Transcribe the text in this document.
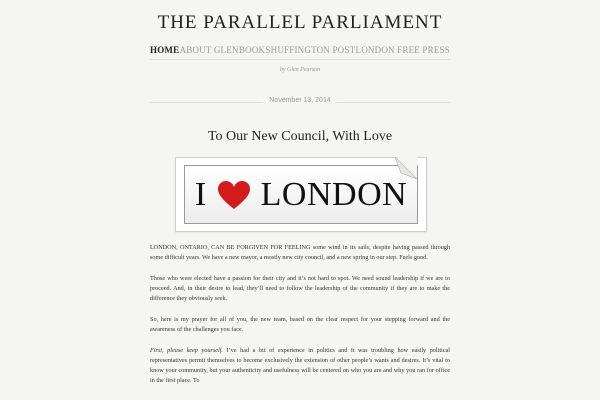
THE PARALLEL PARLIAMENT
HOME ABOUT GLEN BOOKS HUFFINGTON POST LONDON FREE PRESS
by Glen Pearson
November 13, 2014
To Our New Council, With Love
I LONDON

LONDON, ONTARIO, CAN BE FORGIVEN FOR FEELING some wind in its sails, despite having passed through some difficult years. We have a new mayor, a mostly new city council, and a new spring in our step. Feels good.

Those who were elected have a passion for their city and it’s not hard to spot. We need sound leadership if we are to proceed. And, in their desire to lead, they’ll need to follow the leadership of the community if they are to make the difference they obviously seek.

So, here is my prayer for all of you, the new team, based on the clear respect for your stepping forward and the awareness of the challenges you face.

First, please keep yourself. I’ve had a bit of experience in politics and it was troubling how easily political representatives permit themselves to become exclusively the extension of other people’s wants and desires. It’s vital to know your community, but your authenticity and usefulness will be centered on who you are and why you ran for office in the first place. To
